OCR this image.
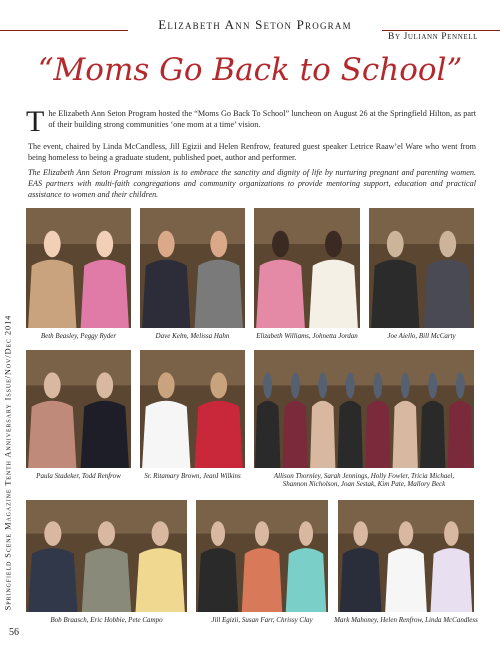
Elizabeth Ann Seton Program
By Juliann Pennell
“Moms Go Back to School”
The Elizabeth Ann Seton Program hosted the “Moms Go Back To School” luncheon on August 26 at the Springfield Hilton, as part of their building strong communities ‘one mom at a time’ vision.
The event, chaired by Linda McCandless, Jill Egizii and Helen Renfrow, featured guest speaker Letrice Raaw’el Ware who went from being homeless to being a graduate student, published poet, author and performer.
The Elizabeth Ann Seton Program mission is to embrace the sanctity and dignity of life by nurturing pregnant and parenting women. EAS partners with multi-faith congregations and community organizations to provide mentoring support, education and practical assistance to women and their children.
Springfield Scene Magazine Tenth Anniversary Issue/Nov/Dec 2014
56
Beth Beasley, Peggy Ryder	Dave Kelm, Melissa Hahn	Elizabeth Williams, Johnetta Jordan	Joe Aiello, Bill McCarty
Paula Stadeker, Todd Renfrow	Sr. Ritamary Brown, JeanI Wilkins	Allison Thornley, Sarah Jennings, Holly Fowler, Tricia Michael,
Shannon Nicholson, Joan Sestak, Kim Pate, Mallory Beck
Bob Braasch, Eric Hobbie, Pete Campo	Jill Egizii, Susan Farr, Chrissy Clay	Mark Mahoney, Helen Renfrow, Linda McCandless
